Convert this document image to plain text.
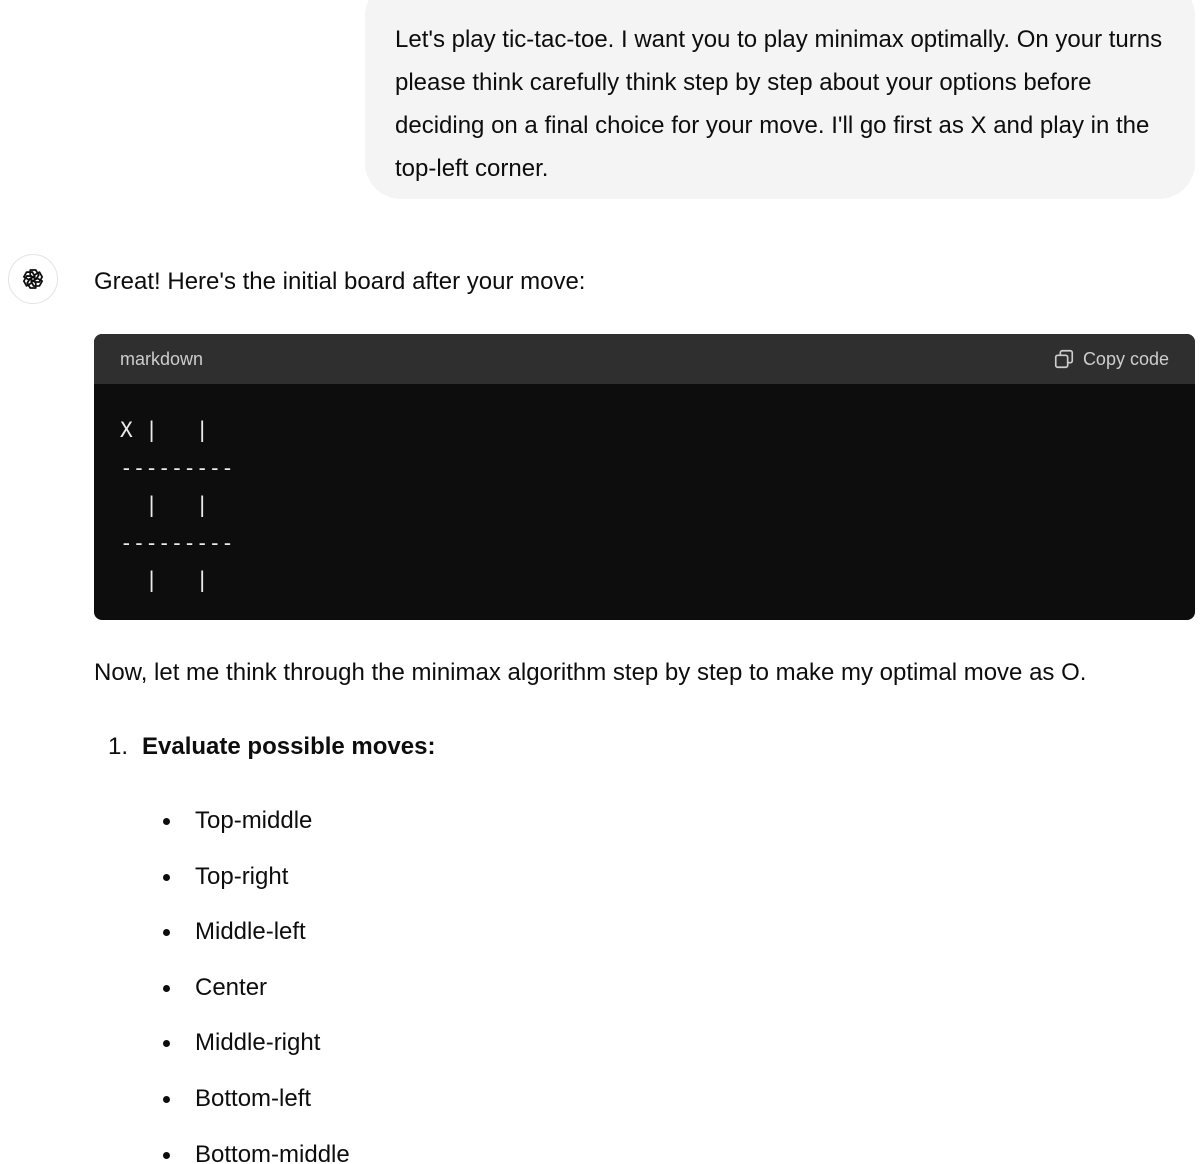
Let's play tic-tac-toe. I want you to play minimax optimally. On your turns please think carefully think step by step about your options before deciding on a final choice for your move. I'll go first as X and play in the top-left corner.

Great! Here's the initial board after your move:

markdown	Copy code
X |   |
---------
|   |
---------
|   |

Now, let me think through the minimax algorithm step by step to make my optimal move as O.

1. Evaluate possible moves:
Top-middle
Top-right
Middle-left
Center
Middle-right
Bottom-left
Bottom-middle
